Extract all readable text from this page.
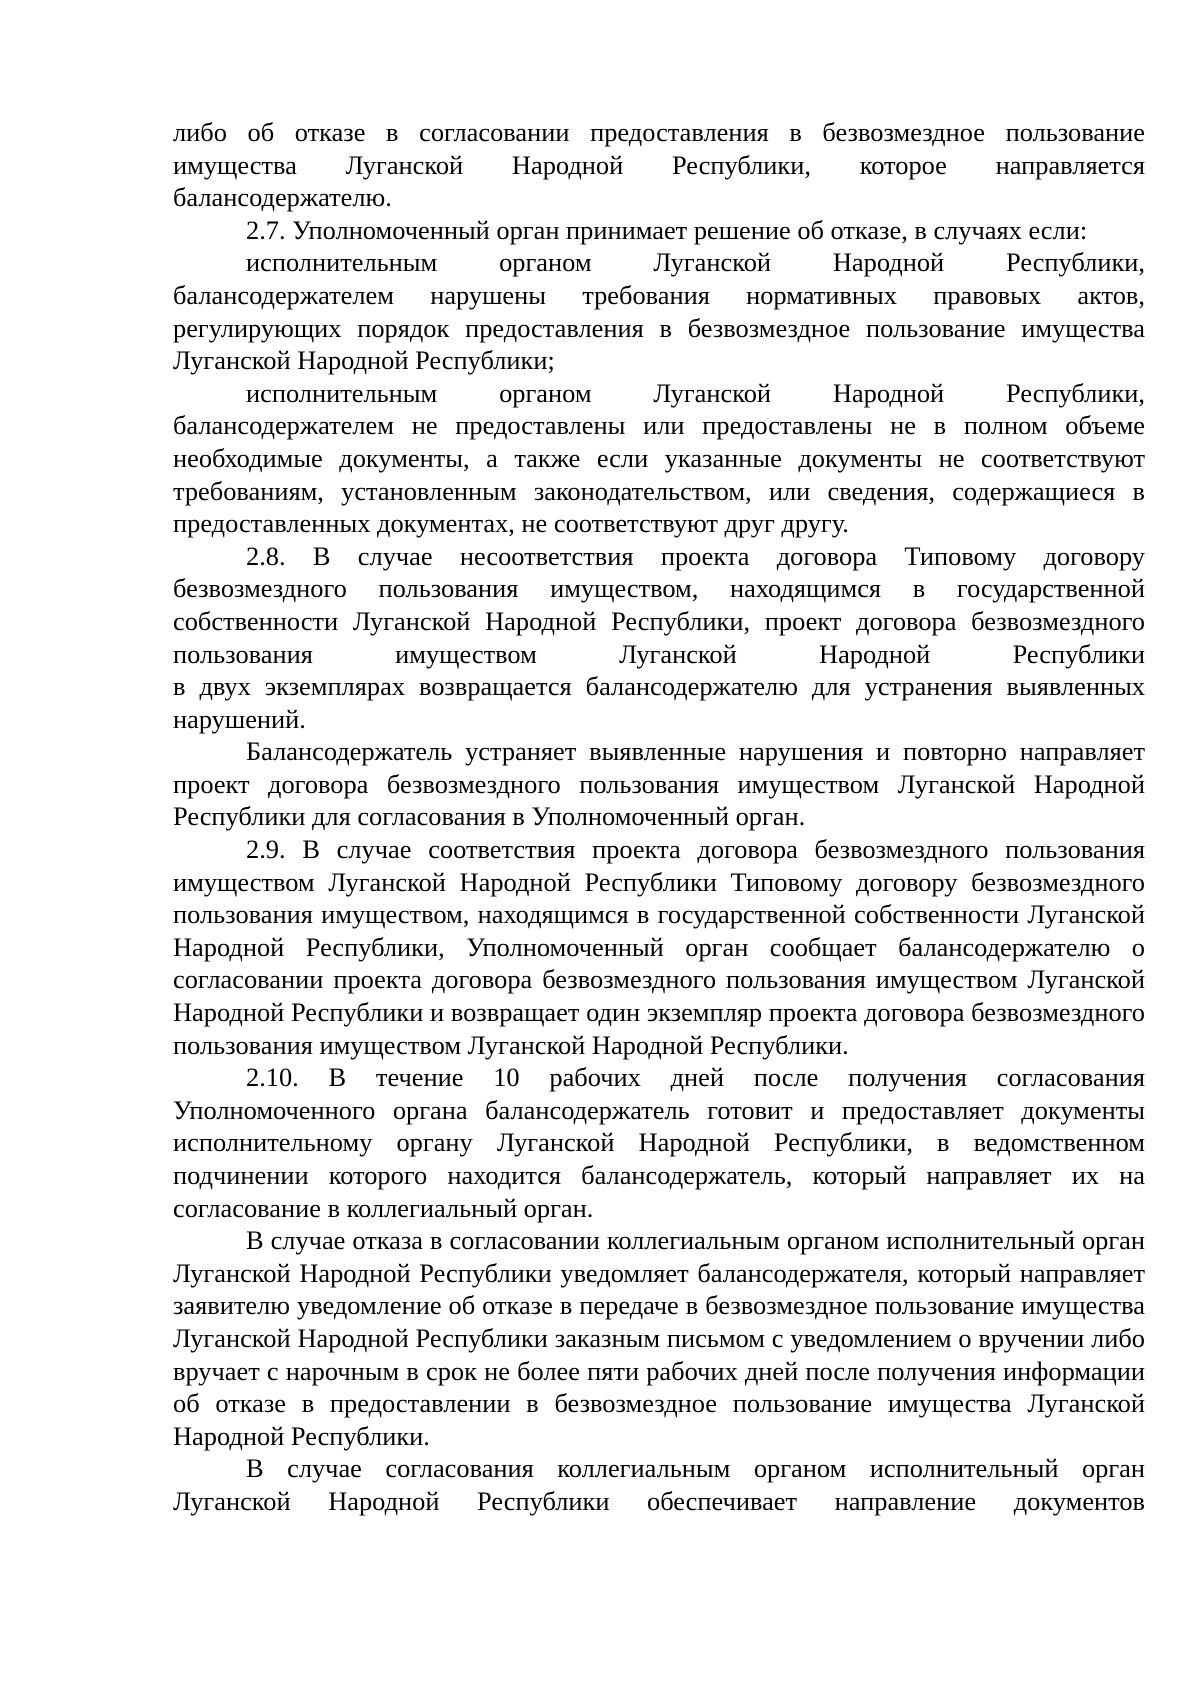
либо об отказе в согласовании предоставления в безвозмездное пользование имущества Луганской Народной Республики, которое направляется балансодержателю.

2.7. Уполномоченный орган принимает решение об отказе, в случаях если:

исполнительным органом Луганской Народной Республики, балансодержателем нарушены требования нормативных правовых актов, регулирующих порядок предоставления в безвозмездное пользование имущества Луганской Народной Республики;

исполнительным органом Луганской Народной Республики, балансодержателем не предоставлены или предоставлены не в полном объеме необходимые документы, а также если указанные документы не соответствуют требованиям, установленным законодательством, или сведения, содержащиеся в предоставленных документах, не соответствуют друг другу.

2.8. В случае несоответствия проекта договора Типовому договору безвозмездного пользования имуществом, находящимся в государственной собственности Луганской Народной Республики, проект договора безвозмездного пользования имуществом Луганской Народной Республики

в двух экземплярах возвращается балансодержателю для устранения выявленных нарушений.

Балансодержатель устраняет выявленные нарушения и повторно направляет проект договора безвозмездного пользования имуществом Луганской Народной Республики для согласования в Уполномоченный орган.

2.9. В случае соответствия проекта договора безвозмездного пользования имуществом Луганской Народной Республики Типовому договору безвозмездного пользования имуществом, находящимся в государственной собственности Луганской Народной Республики, Уполномоченный орган сообщает балансодержателю о согласовании проекта договора безвозмездного пользования имуществом Луганской Народной Республики и возвращает один экземпляр проекта договора безвозмездного пользования имуществом Луганской Народной Республики.

2.10. В течение 10 рабочих дней после получения согласования Уполномоченного органа балансодержатель готовит и предоставляет документы исполнительному органу Луганской Народной Республики, в ведомственном подчинении которого находится балансодержатель, который направляет их на согласование в коллегиальный орган.

В случае отказа в согласовании коллегиальным органом исполнительный орган Луганской Народной Республики уведомляет балансодержателя, который направляет заявителю уведомление об отказе в передаче в безвозмездное пользование имущества Луганской Народной Республики заказным письмом с уведомлением о вручении либо вручает с нарочным в срок не более пяти рабочих дней после получения информации об отказе в предоставлении в безвозмездное пользование имущества Луганской Народной Республики.

В случае согласования коллегиальным органом исполнительный орган Луганской Народной Республики обеспечивает направление документов
